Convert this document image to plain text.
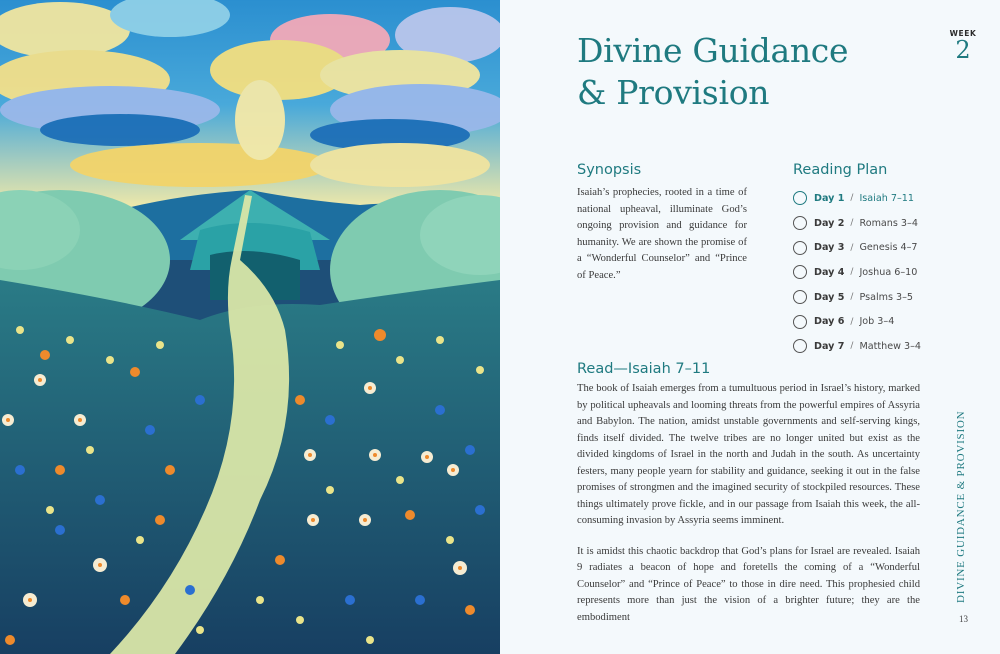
Divine Guidance
& Provision
WEEK
2
Synopsis

Isaiah’s prophecies, rooted in a time of national upheaval, illuminate God’s ongoing provision and guidance for humanity. We are shown the promise of a “Wonderful Counselor” and “Prince of Peace.”

Reading Plan
Day 1 / Isaiah 7–11
Day 2 / Romans 3–4
Day 3 / Genesis 4–7
Day 4 / Joshua 6–10
Day 5 / Psalms 3–5
Day 6 / Job 3–4
Day 7 / Matthew 3–4
Read—Isaiah 7–11

The book of Isaiah emerges from a tumultuous period in Israel’s history, marked by political upheavals and looming threats from the powerful empires of Assyria and Babylon. The nation, amidst unstable governments and self-serving kings, finds itself divided. The twelve tribes are no longer united but exist as the divided kingdoms of Israel in the north and Judah in the south. As uncertainty festers, many people yearn for stability and guidance, seeking it out in the false promises of strongmen and the imagined security of stockpiled resources. These things ultimately prove fickle, and in our passage from Isaiah this week, the all-consuming invasion by Assyria seems imminent.

It is amidst this chaotic backdrop that God’s plans for Israel are revealed. Isaiah 9 radiates a beacon of hope and foretells the coming of a “Wonderful Counselor” and “Prince of Peace” to those in dire need. This prophesied child represents more than just the vision of a brighter future; they are the embodiment

DIVINE GUIDANCE & PROVISION
13
